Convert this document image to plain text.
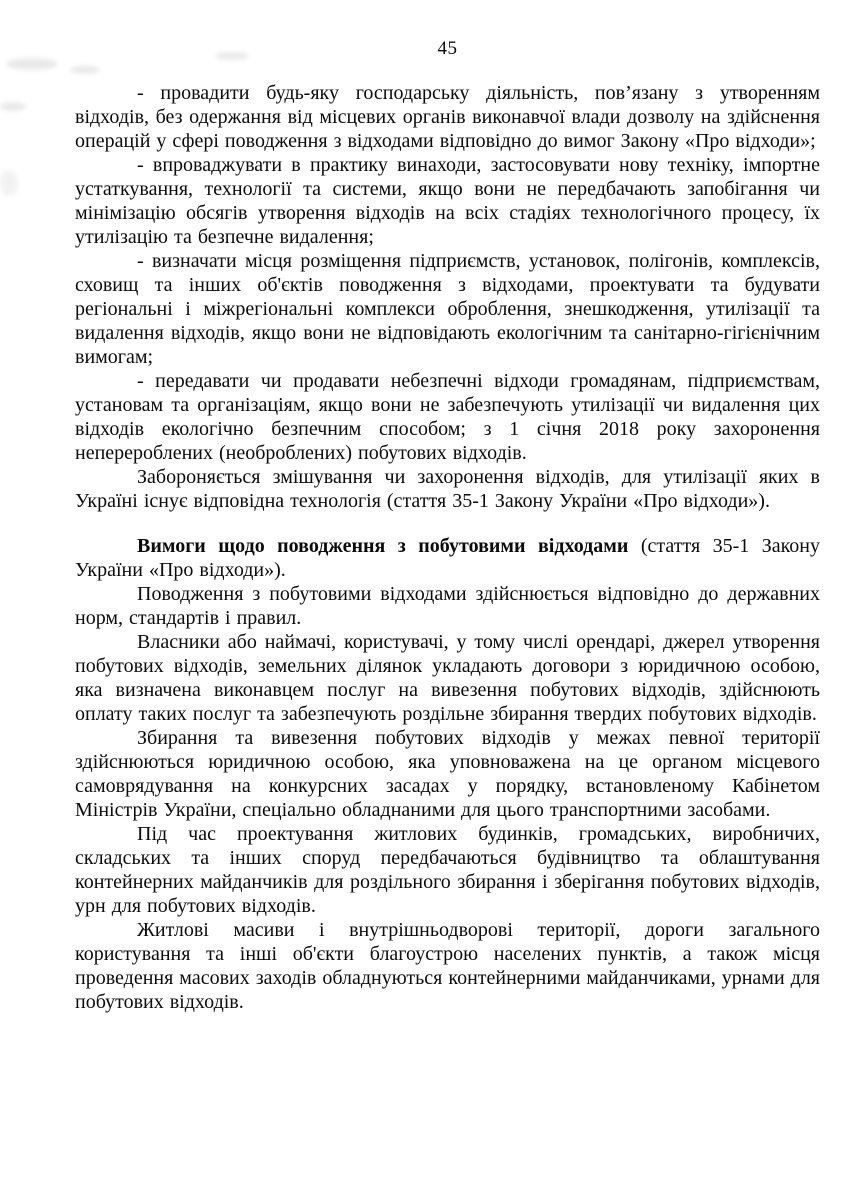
45

- провадити будь-яку господарську діяльність, пов’язану з утворенням відходів, без одержання від місцевих органів виконавчої влади дозволу на здійснення операцій у сфері поводження з відходами відповідно до вимог Закону «Про відходи»;

- впроваджувати в практику винаходи, застосовувати нову техніку, імпортне устаткування, технології та системи, якщо вони не передбачають запобігання чи мінімізацію обсягів утворення відходів на всіх стадіях технологічного процесу, їх утилізацію та безпечне видалення;

- визначати місця розміщення підприємств, установок, полігонів, комплексів, сховищ та інших об'єктів поводження з відходами, проектувати та будувати регіональні і міжрегіональні комплекси оброблення, знешкодження, утилізації та видалення відходів, якщо вони не відповідають екологічним та санітарно-гігієнічним вимогам;

- передавати чи продавати небезпечні відходи громадянам, підприємствам, установам та організаціям, якщо вони не забезпечують утилізації чи видалення цих відходів екологічно безпечним способом; з 1 січня 2018 року захоронення неперероблених (необроблених) побутових відходів.

Забороняється змішування чи захоронення відходів, для утилізації яких в Україні існує відповідна технологія (стаття 35-1 Закону України «Про відходи»).

Вимоги щодо поводження з побутовими відходами (стаття 35-1 Закону України «Про відходи»).

Поводження з побутовими відходами здійснюється відповідно до державних норм, стандартів і правил.

Власники або наймачі, користувачі, у тому числі орендарі, джерел утворення побутових відходів, земельних ділянок укладають договори з юридичною особою, яка визначена виконавцем послуг на вивезення побутових відходів, здійснюють оплату таких послуг та забезпечують роздільне збирання твердих побутових відходів.

Збирання та вивезення побутових відходів у межах певної території здійснюються юридичною особою, яка уповноважена на це органом місцевого самоврядування на конкурсних засадах у порядку, встановленому Кабінетом Міністрів України, спеціально обладнаними для цього транспортними засобами.

Під час проектування житлових будинків, громадських, виробничих, складських та інших споруд передбачаються будівництво та облаштування контейнерних майданчиків для роздільного збирання і зберігання побутових відходів, урн для побутових відходів.

Житлові масиви і внутрішньодворові території, дороги загального користування та інші об'єкти благоустрою населених пунктів, а також місця проведення масових заходів обладнуються контейнерними майданчиками, урнами для побутових відходів.
